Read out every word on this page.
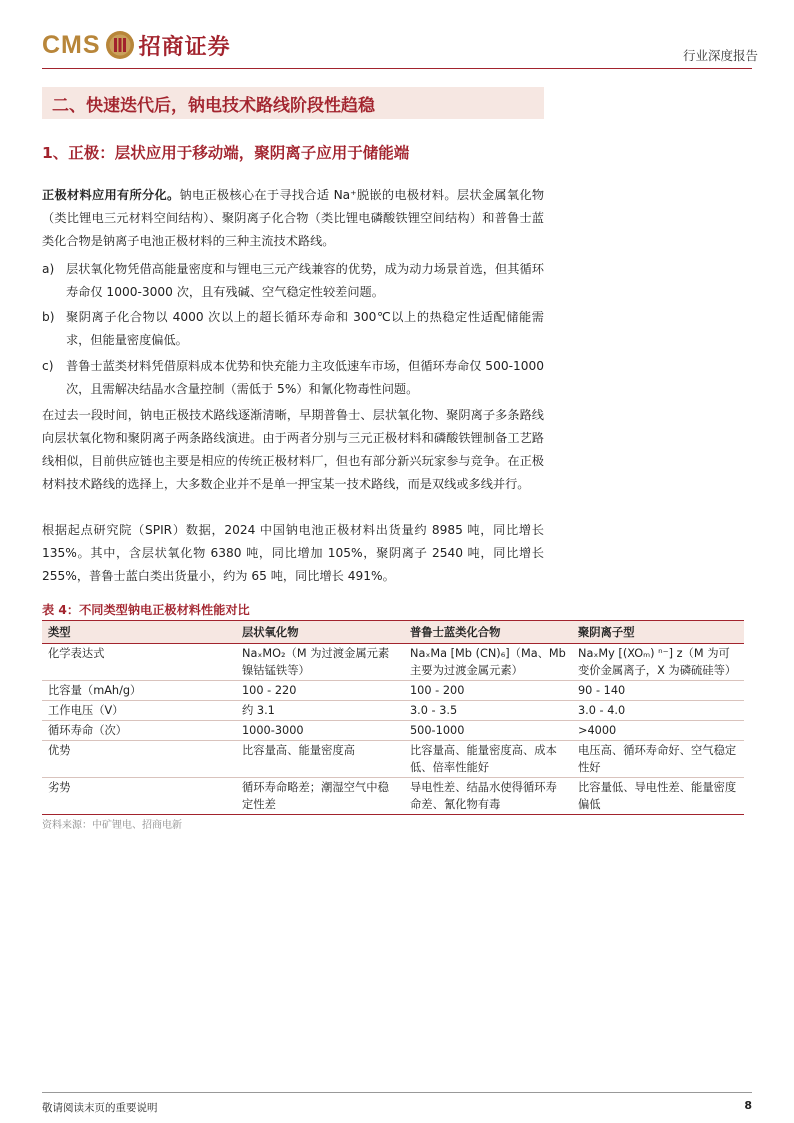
CMS 招商证券	行业深度报告
二、快速迭代后，钠电技术路线阶段性趋稳
1、正极：层状应用于移动端，聚阴离子应用于储能端

正极材料应用有所分化。钠电正极核心在于寻找合适 Na⁺脱嵌的电极材料。层状金属氧化物（类比锂电三元材料空间结构）、聚阴离子化合物（类比锂电磷酸铁锂空间结构）和普鲁士蓝类化合物是钠离子电池正极材料的三种主流技术路线。

a) 层状氧化物凭借高能量密度和与锂电三元产线兼容的优势，成为动力场景首选，但其循环寿命仅 1000-3000 次，且有残碱、空气稳定性较差问题。
b) 聚阴离子化合物以 4000 次以上的超长循环寿命和 300℃以上的热稳定性适配储能需求，但能量密度偏低。
c) 普鲁士蓝类材料凭借原料成本优势和快充能力主攻低速车市场，但循环寿命仅 500-1000 次，且需解决结晶水含量控制（需低于 5%）和氰化物毒性问题。

在过去一段时间，钠电正极技术路线逐渐清晰，早期普鲁士、层状氧化物、聚阴离子多条路线向层状氧化物和聚阴离子两条路线演进。由于两者分别与三元正极材料和磷酸铁锂制备工艺路线相似，目前供应链也主要是相应的传统正极材料厂，但也有部分新兴玩家参与竞争。在正极材料技术路线的选择上，大多数企业并不是单一押宝某一技术路线，而是双线或多线并行。

根据起点研究院（SPIR）数据，2024 中国钠电池正极材料出货量约 8985 吨，同比增长 135%。其中，含层状氧化物 6380 吨，同比增加 105%，聚阴离子 2540 吨，同比增长 255%，普鲁士蓝白类出货量小，约为 65 吨，同比增长 491%。

表 4：不同类型钠电正极材料性能对比
类型	层状氧化物	普鲁士蓝类化合物	聚阴离子型
化学表达式	NaₓMO₂（M 为过渡金属元素镍钴锰铁等）	NaₓMa [Mb (CN)₆]（Ma、Mb 主要为过渡金属元素）	NaₓMy [(XOₘ) ⁿ⁻] z（M 为可变价金属离子，X 为磷硫硅等）
比容量（mAh/g）	100 - 220	100 - 200	90 - 140
工作电压（V）	约 3.1	3.0 - 3.5	3.0 - 4.0
循环寿命（次）	1000-3000	500-1000	>4000
优势	比容量高、能量密度高	比容量高、能量密度高、成本低、倍率性能好	电压高、循环寿命好、空气稳定性好
劣势	循环寿命略差；潮湿空气中稳定性差	导电性差、结晶水使得循环寿命差、氰化物有毒	比容量低、导电性差、能量密度偏低
资料来源：中矿锂电、招商电新
敬请阅读末页的重要说明	8
